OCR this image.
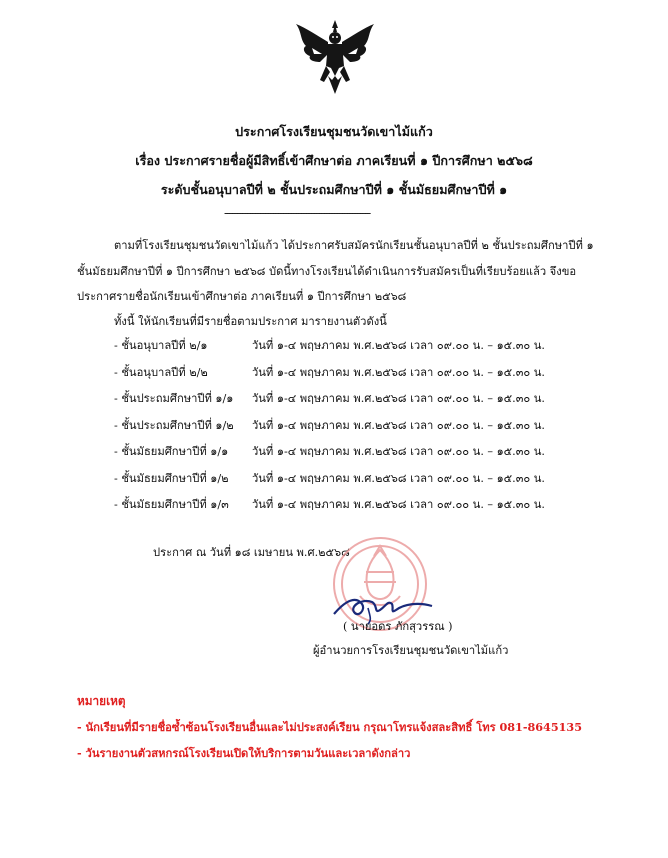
ประกาศโรงเรียนชุมชนวัดเขาไม้แก้ว
เรื่อง ประกาศรายชื่อผู้มีสิทธิ์เข้าศึกษาต่อ ภาคเรียนที่ ๑ ปีการศึกษา ๒๕๖๘
ระดับชั้นอนุบาลปีที่ ๒ ชั้นประถมศึกษาปีที่ ๑ ชั้นมัธยมศึกษาปีที่ ๑
---------------------------------------------------------
ตามที่โรงเรียนชุมชนวัดเขาไม้แก้ว ได้ประกาศรับสมัครนักเรียนชั้นอนุบาลปีที่ ๒ ชั้นประถมศึกษาปีที่ ๑
ชั้นมัธยมศึกษาปีที่ ๑ ปีการศึกษา ๒๕๖๘ บัดนี้ทางโรงเรียนได้ดำเนินการรับสมัครเป็นที่เรียบร้อยแล้ว จึงขอ
ประกาศรายชื่อนักเรียนเข้าศึกษาต่อ ภาคเรียนที่ ๑ ปีการศึกษา ๒๕๖๘
ทั้งนี้ ให้นักเรียนที่มีรายชื่อตามประกาศ มารายงานตัวดังนี้
- ชั้นอนุบาลปีที่ ๒/๑	วันที่ ๑-๔ พฤษภาคม พ.ศ.๒๕๖๘ เวลา ๐๙.๐๐ น. – ๑๕.๓๐ น.
- ชั้นอนุบาลปีที่ ๒/๒	วันที่ ๑-๔ พฤษภาคม พ.ศ.๒๕๖๘ เวลา ๐๙.๐๐ น. – ๑๕.๓๐ น.
- ชั้นประถมศึกษาปีที่ ๑/๑ วันที่ ๑-๔ พฤษภาคม พ.ศ.๒๕๖๘ เวลา ๐๙.๐๐ น. – ๑๕.๓๐ น.
- ชั้นประถมศึกษาปีที่ ๑/๒ วันที่ ๑-๔ พฤษภาคม พ.ศ.๒๕๖๘ เวลา ๐๙.๐๐ น. – ๑๕.๓๐ น.
- ชั้นมัธยมศึกษาปีที่ ๑/๑ วันที่ ๑-๔ พฤษภาคม พ.ศ.๒๕๖๘ เวลา ๐๙.๐๐ น. – ๑๕.๓๐ น.
- ชั้นมัธยมศึกษาปีที่ ๑/๒ วันที่ ๑-๔ พฤษภาคม พ.ศ.๒๕๖๘ เวลา ๐๙.๐๐ น. – ๑๕.๓๐ น.
- ชั้นมัธยมศึกษาปีที่ ๑/๓ วันที่ ๑-๔ พฤษภาคม พ.ศ.๒๕๖๘ เวลา ๐๙.๐๐ น. – ๑๕.๓๐ น.
ประกาศ ณ วันที่ ๑๘ เมษายน พ.ศ.๒๕๖๘
( นายอดร ภักสุวรรณ )
ผู้อำนวยการโรงเรียนชุมชนวัดเขาไม้แก้ว
หมายเหตุ
- นักเรียนที่มีรายชื่อซ้ำซ้อนโรงเรียนอื่นและไม่ประสงค์เรียน กรุณาโทรแจ้งสละสิทธิ์ โทร 081-8645135
- วันรายงานตัวสหกรณ์โรงเรียนเปิดให้บริการตามวันและเวลาดังกล่าว
